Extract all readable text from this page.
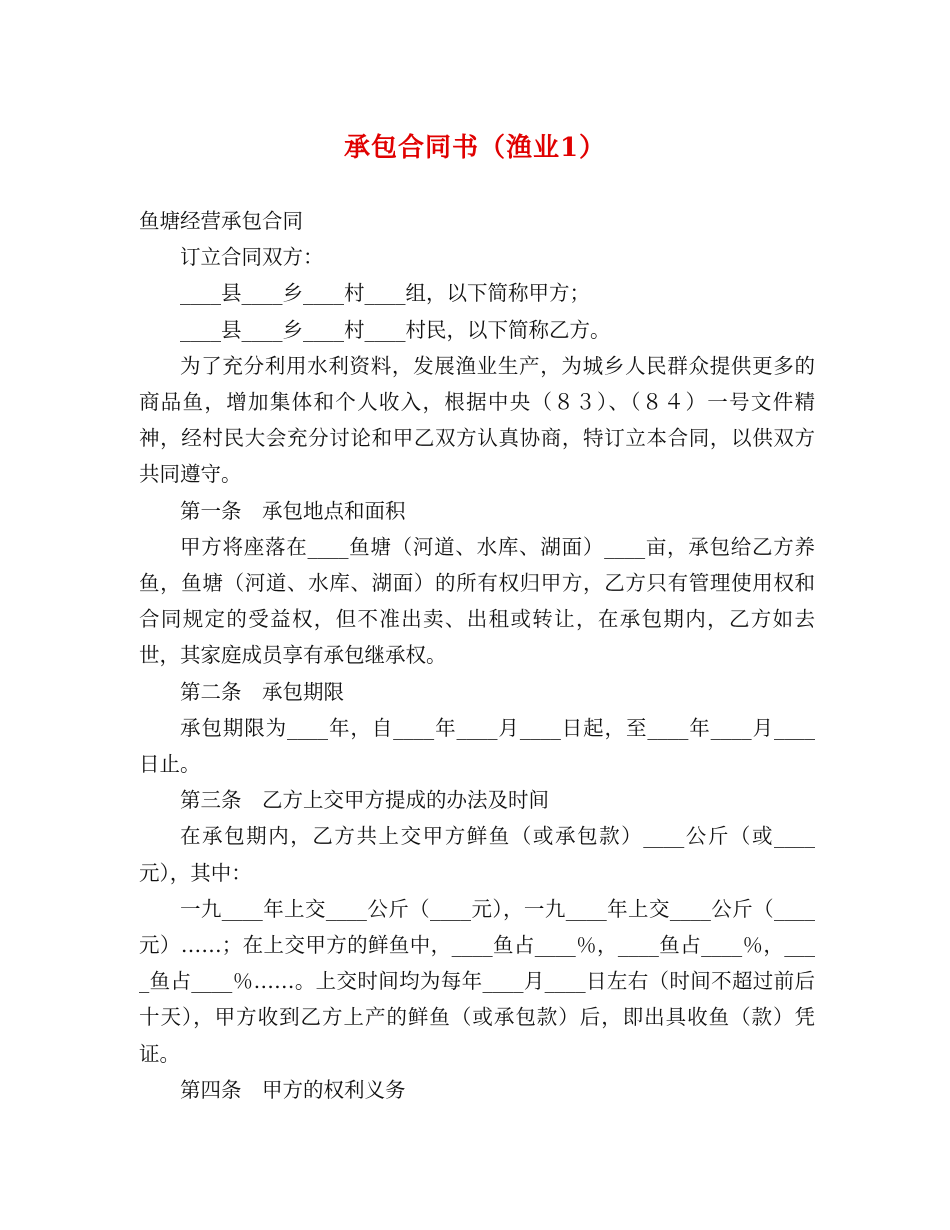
承包合同书（渔业1）

鱼塘经营承包合同

订立合同双方：

____县____乡____村____组，以下简称甲方；

____县____乡____村____村民，以下简称乙方。

为了充分利用水利资料，发展渔业生产，为城乡人民群众提供更多的商品鱼，增加集体和个人收入，根据中央（８３）、（８４）一号文件精神，经村民大会充分讨论和甲乙双方认真协商，特订立本合同，以供双方共同遵守。

第一条　承包地点和面积

甲方将座落在____鱼塘（河道、水库、湖面）____亩，承包给乙方养鱼，鱼塘（河道、水库、湖面）的所有权归甲方，乙方只有管理使用权和合同规定的受益权，但不准出卖、出租或转让，在承包期内，乙方如去世，其家庭成员享有承包继承权。

第二条　承包期限

承包期限为____年，自____年____月____日起，至____年____月____日止。

第三条　乙方上交甲方提成的办法及时间

在承包期内，乙方共上交甲方鲜鱼（或承包款）____公斤（或____元），其中：

一九____年上交____公斤（____元），一九____年上交____公斤（____元）……；在上交甲方的鲜鱼中，____鱼占____％，____鱼占____％，____鱼占____％……。上交时间均为每年____月____日左右（时间不超过前后十天），甲方收到乙方上产的鲜鱼（或承包款）后，即出具收鱼（款）凭证。

第四条　甲方的权利义务
